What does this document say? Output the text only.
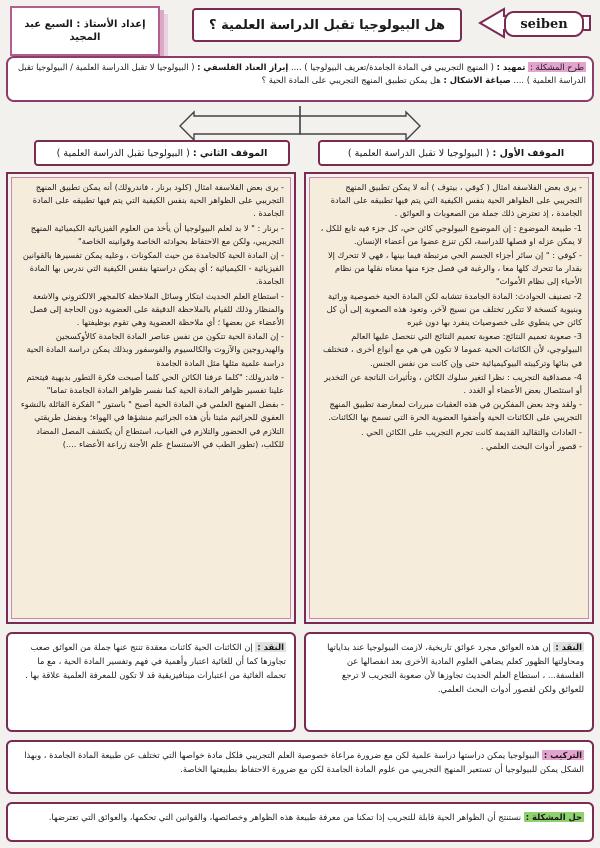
إعداد الأستاذ : السبع عبد المجيد
هل البيولوجيا تقبل الدراسة العلمية ؟	seiben
طرح المشكلة : تمهيد : ( المنهج التجريبي في المادة الجامدة/تعريف البيولوجيا ) .... إبراز العناد الفلسفي : ( البيولوجيا لا تقبل الدراسة العلمية / البيولوجيا تقبل الدراسة العلمية ) .... صياغة الاشكال : هل يمكن تطبيق المنهج التجريبي على المادة الحية ؟
الموقف الأول :

( البيولوجيا لا تقبل الدراسة العلمية )
الموقف الثاني :

( البيولوجيا تقبل الدراسة العلمية )

- يرى بعض الفلاسفة امثال ( كوفي ، بيتوف ) أنه لا يمكن تطبيق المنهج التجريبي على الظواهر الحية بنفس الكيفية التي يتم فيها تطبيقه على المادة الجامدة ، إذ تعترض ذلك جملة من الصعوبات و العوائق .

1- طبيعة الموضوع : إن الموضوع البيولوجي كائن حي، كل جزء فيه تابع للكل ، لا يمكن عزله او فصلها للدراسة، لكن تنزع عضوا من أعضاء الإنسان.

- كوفي : " إن سائر أجزاء الجسم الحي مرتبطة فيما بينها ، فهي لا تتحرك إلا بقدار ما تتحرك كلها معا ، والرغبة في فصل جزء منها معناه نقلها من نظام الأحياء إلى نظام الأموات"

2- تصنيف الحوادث: المادة الجامدة تتشابه لكن المادة الحية خصوصية وراثية وبنيوية كنسخة لا تتكرر تختلف من نسيج لآخر، وتعود هذه الصعوبة إلى أن كل كائن حي ينطوي على خصوصيات ينفرد بها دون غيره

3- صعوبة تعميم النتائج: صعوبة تعميم النتائج التي نتحصل عليها العالم البيولوجي، لأن الكائنات الحية عموما لا تكون هي هي مع أنواع أخرى ، فتختلف في بنائها وتركيبته البيوكيميائية حتى وإن كانت من نفس الجنس.

4- مصداقية التجريب : نظرا لتغير سلوك الكائن ، وتأثيرات الناتجة عن التخدير أو استئصال بعض الأعضاء أو الغدد .

- ولقد وجد بعض المفكرين في هذه العقبات مبررات لمعارضة تطبيق المنهج التجريبي على الكائنات الحية وأضفوا العضوية الحرة التي تسمح بها الكائنات.

- العادات والتقاليد القديمة كانت تجرم التجريب على الكائن الحي .

- قصور أدوات البحث العلمي .

- يرى بعض الفلاسفة امثال (كلود برنار ، فاندرولك) أنه يمكن تطبيق المنهج التجريبي على الظواهر الحية بنفس الكيفية التي يتم فيها تطبيقه على المادة الجامدة .

- برنار : " لا بد لعلم البيولوجيا أن يأخذ من العلوم الفيزيائية الكيميائية المنهج التجريبي، ولكن مع الاحتفاظ بحوادثه الخاصة وقوانينه الخاصة"

- إن المادة الحية كالجامدة من حيث المكونات ، وعليه يمكن تفسيرها بالقوانين الفيزيائية - الكيميائية ؛ أي يمكن دراستها بنفس الكيفية التي ندرس بها المادة الجامدة.

- استطاع العلم الحديث ابتكار وسائل الملاحظة كالمجهر الالكتروني والاشعة والمنظار وذلك للقيام بالملاحظة الدقيقة على العضوية دون الحاجة إلى فصل الأعضاء عن بعضها ؛ أي ملاحظة العضوية وهي تقوم بوظيفتها .

- إن المادة الحية تتكون من نفس عناصر المادة الجامدة كالأوكسجين والهيدروجين والآزوت والكالسيوم والفوسفور وبذلك يمكن دراسة المادة الحية دراسة علمية مثلها مثل المادة الجامدة

- فاندرولك: "كلما عرفنا الكائن الحي كلما أصبحت فكرة التطور بديهية فيتحتم علينا تفسير ظواهر المادة الحية كما نفسر ظواهر المادة الجامدة تماما"

- بفضل المنهج العلمي في المادة الحية أصبح " باستور " الفكرة القائلة بالنشوء العفوي للجراثيم مثبتا بأن هذه الجراثيم منشؤها في الهواء؛ وبفضل طريقتي التلازم في الحضور والتلازم في الغياب، استطاع أن يكتشف المصل المضاد للكلب، (تطور الطب في الاستنساخ علم الأجنة زراعة الأعضاء ....)

النقد : إن هذه العوائق مجرد عوائق تاريخية، لازمت البيولوجيا عند بداياتها ومحاولتها الظهور كعلم يضاهي العلوم المادية الأخرى بعد انفصالها عن الفلسفة... ، استطاع العلم الحديث تجاوزها لأن صعوبة التجريب لا ترجع للعوائق ولكن لقصور أدوات البحث العلمي.
النقد : إن الكائنات الحية كائنات معقدة تنتج عنها جملة من العوائق صعب تجاوزها كما أن للغائية اعتبار وأهمية في فهم وتفسير المادة الحية ، مع ما تحمله الغائية من اعتبارات ميتافيزيقية قد لا تكون للمعرفة العلمية علاقة بها .
التركيب : البيولوجيا يمكن دراستها دراسة علمية لكن مع ضرورة مراعاة خصوصية العلم التجريبي فلكل مادة خواصها التي تختلف عن طبيعة المادة الجامدة ، وبهذا الشكل يمكن للبيولوجيا أن تستعير المنهج التجريبي من علوم المادة الجامدة لكن مع ضرورة الاحتفاظ بطبيعتها الخاصة.
حل المشكلة : نستنتج أن الظواهر الحية قابلة للتجريب إذا تمكنا من معرفة طبيعة هذه الظواهر وخصائصها، والقوانين التي تحكمها، والعوائق التي تعترضها.
